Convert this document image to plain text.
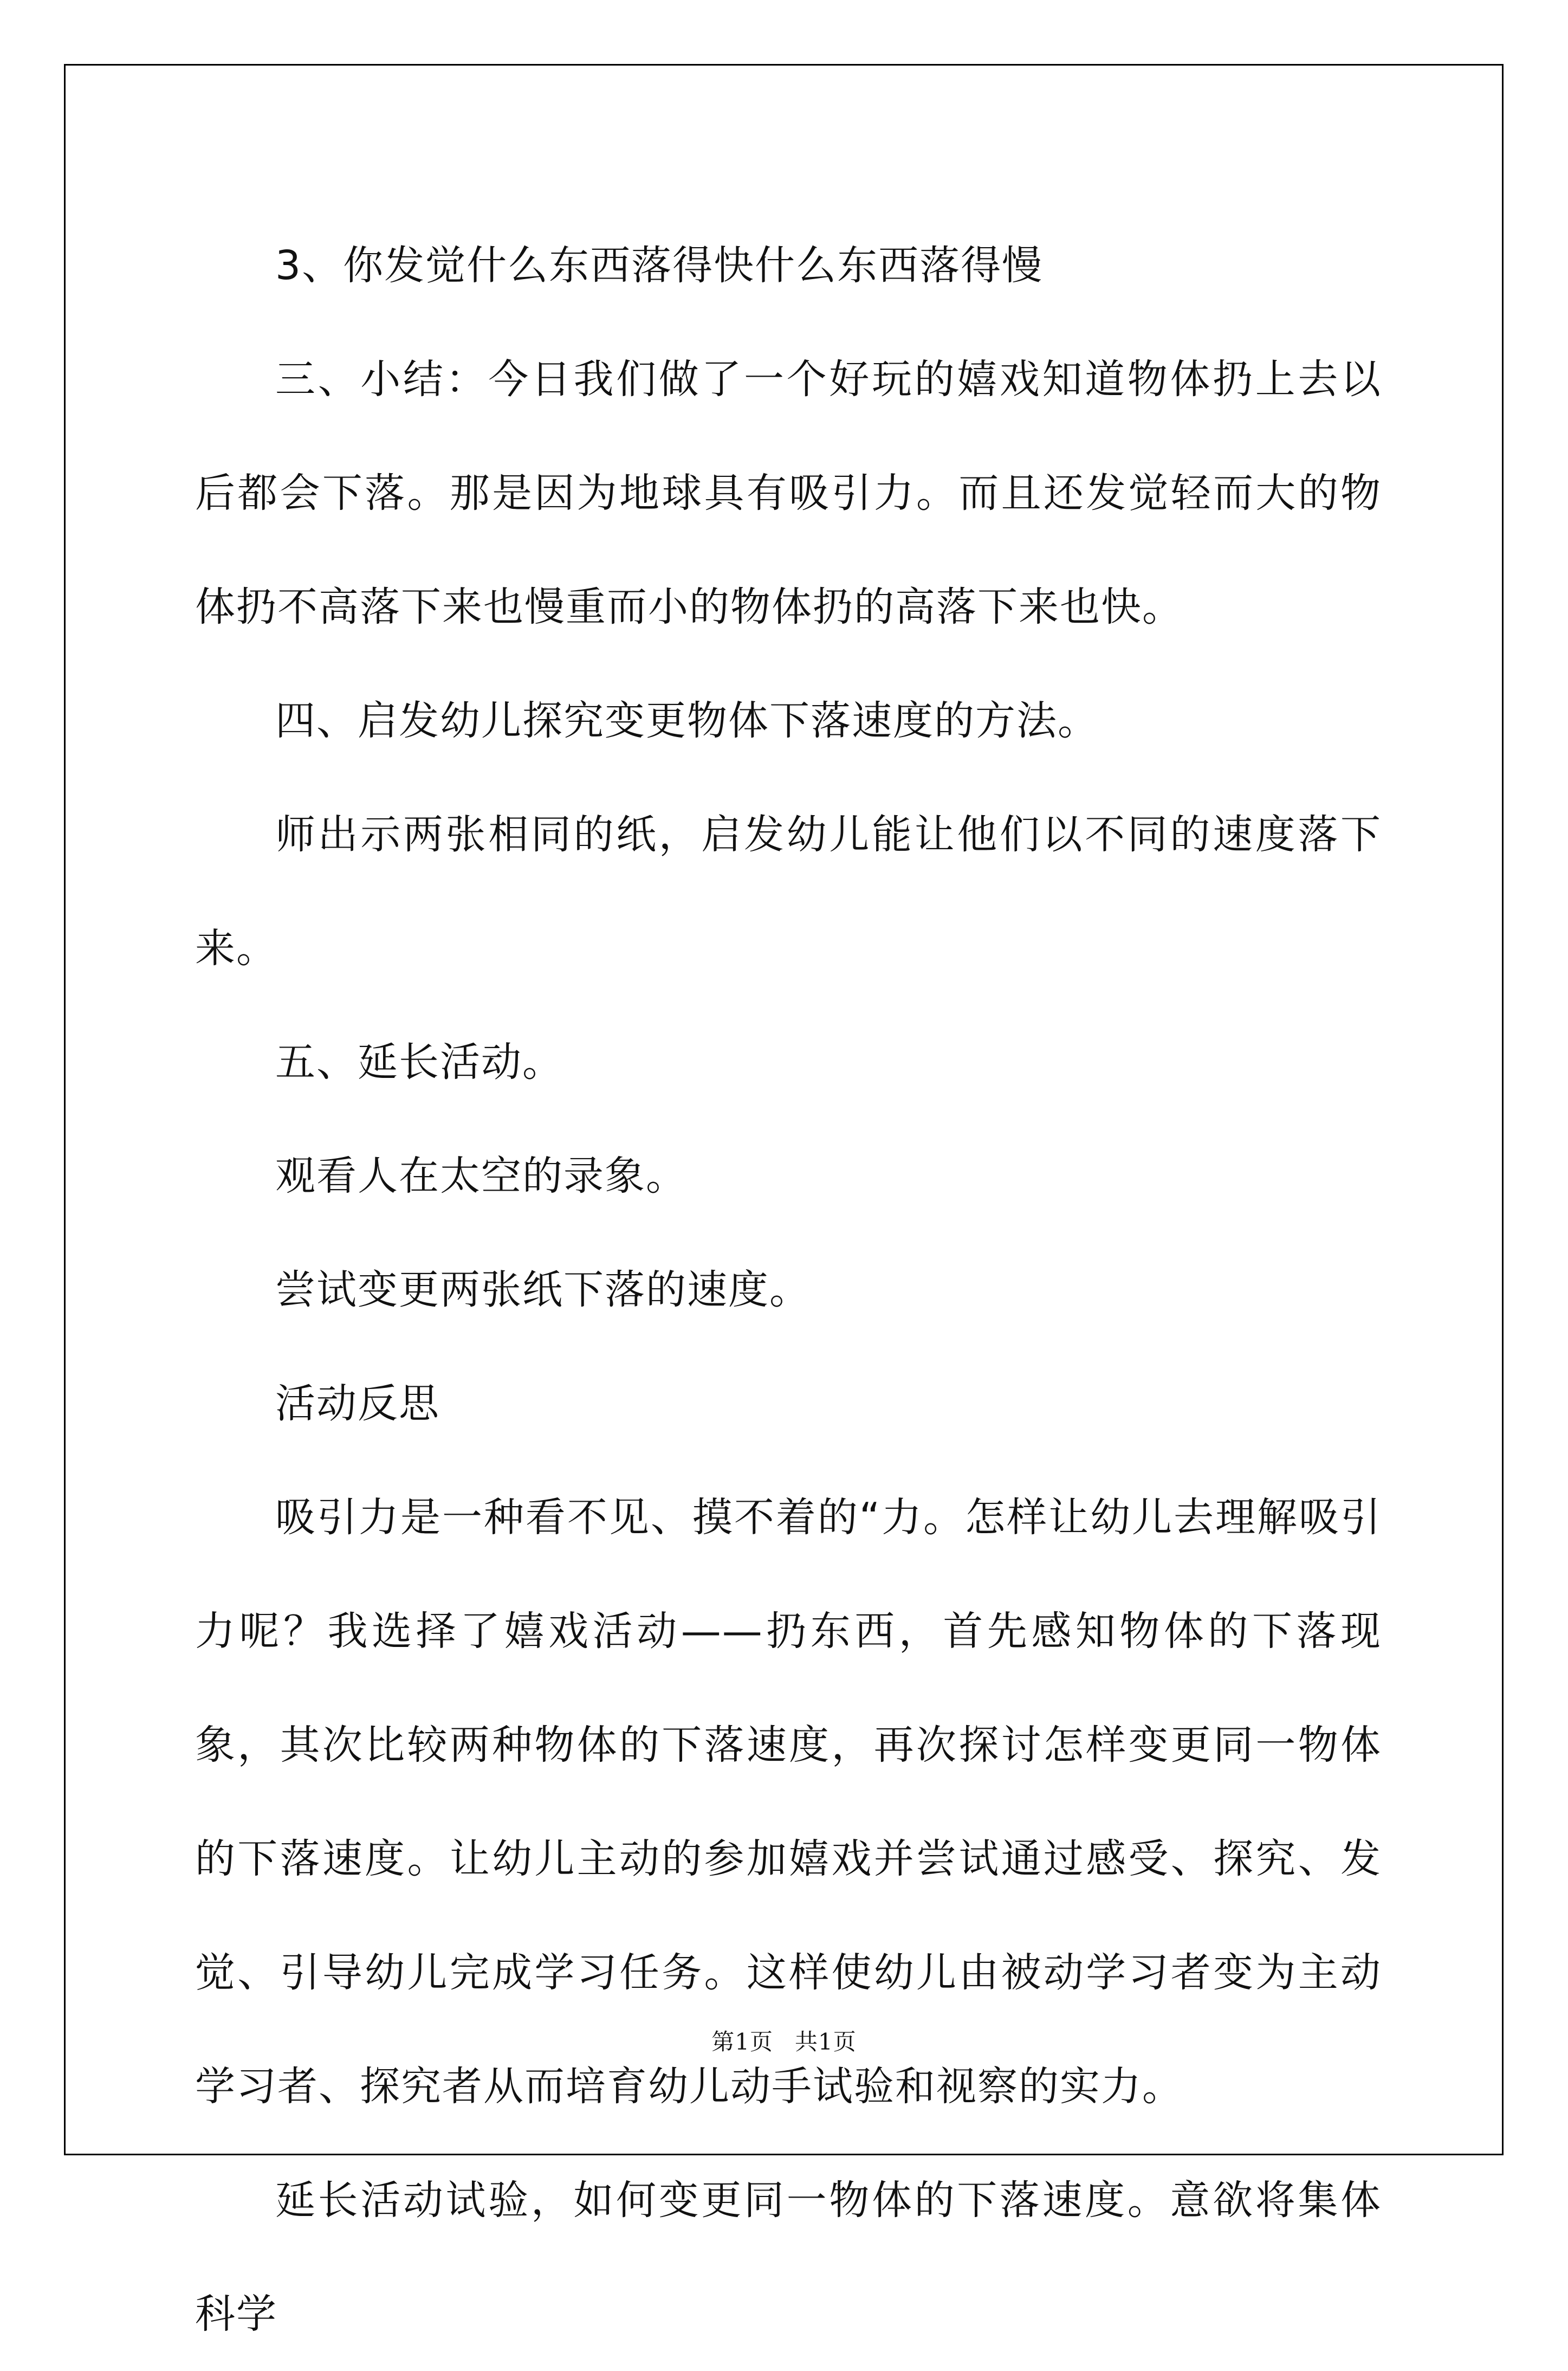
3、你发觉什么东西落得快什么东西落得慢

三、小结：今日我们做了一个好玩的嬉戏知道物体扔上去以后都会下落。那是因为地球具有吸引力。而且还发觉轻而大的物体扔不高落下来也慢重而小的物体扔的高落下来也快。

四、启发幼儿探究变更物体下落速度的方法。

师出示两张相同的纸，启发幼儿能让他们以不同的速度落下来。

五、延长活动。

观看人在太空的录象。

尝试变更两张纸下落的速度。

活动反思

吸引力是一种看不见、摸不着的“力。怎样让幼儿去理解吸引力呢？我选择了嬉戏活动——扔东西，首先感知物体的下落现象，其次比较两种物体的下落速度，再次探讨怎样变更同一物体的下落速度。让幼儿主动的参加嬉戏并尝试通过感受、探究、发觉、引导幼儿完成学习任务。这样使幼儿由被动学习者变为主动学习者、探究者从而培育幼儿动手试验和视察的实力。

延长活动试验，如何变更同一物体的下落速度。意欲将集体科学

第1页 共1页
